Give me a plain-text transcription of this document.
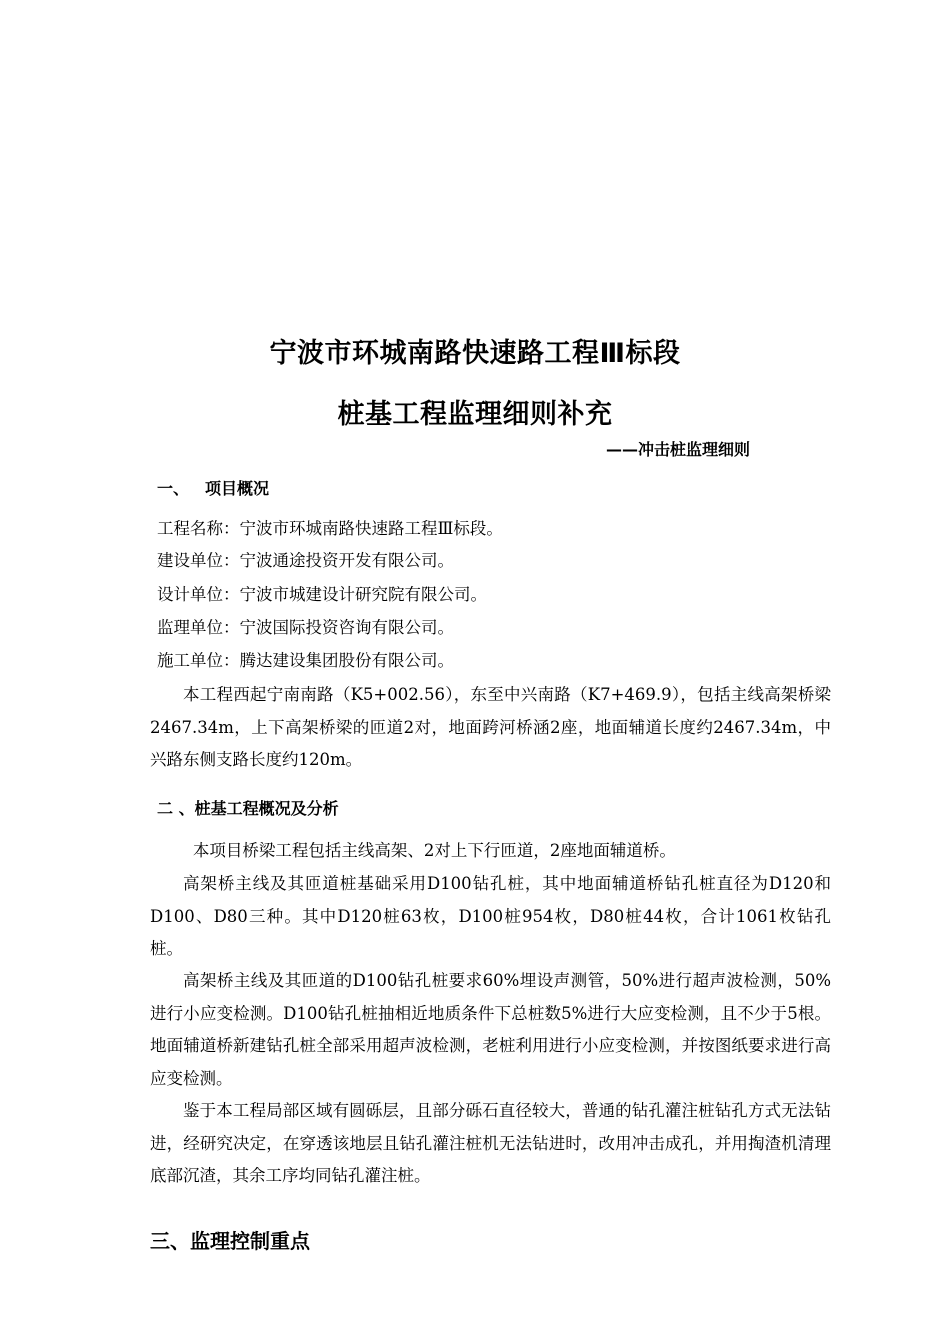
宁波市环城南路快速路工程Ⅲ标段
桩基工程监理细则补充
——冲击桩监理细则
一、 项目概况
工程名称：宁波市环城南路快速路工程Ⅲ标段。
建设单位：宁波通途投资开发有限公司。
设计单位：宁波市城建设计研究院有限公司。
监理单位：宁波国际投资咨询有限公司。
施工单位：腾达建设集团股份有限公司。
本工程西起宁南南路（K5+002.56），东至中兴南路（K7+469.9），包括主线高架桥梁2467.34m，上下高架桥梁的匝道2对，地面跨河桥涵2座，地面辅道长度约2467.34m，中兴路东侧支路长度约120m。
二 、桩基工程概况及分析
本项目桥梁工程包括主线高架、2对上下行匝道，2座地面辅道桥。
高架桥主线及其匝道桩基础采用D100钻孔桩，其中地面辅道桥钻孔桩直径为D120和D100、D80三种。其中D120桩63枚，D100桩954枚，D80桩44枚，合计1061枚钻孔桩。
高架桥主线及其匝道的D100钻孔桩要求60%埋设声测管，50%进行超声波检测，50%进行小应变检测。D100钻孔桩抽相近地质条件下总桩数5%进行大应变检测，且不少于5根。地面辅道桥新建钻孔桩全部采用超声波检测，老桩利用进行小应变检测，并按图纸要求进行高应变检测。
鉴于本工程局部区域有圆砾层，且部分砾石直径较大，普通的钻孔灌注桩钻孔方式无法钻进，经研究决定，在穿透该地层且钻孔灌注桩机无法钻进时，改用冲击成孔，并用掏渣机清理底部沉渣，其余工序均同钻孔灌注桩。
三、监理控制重点
